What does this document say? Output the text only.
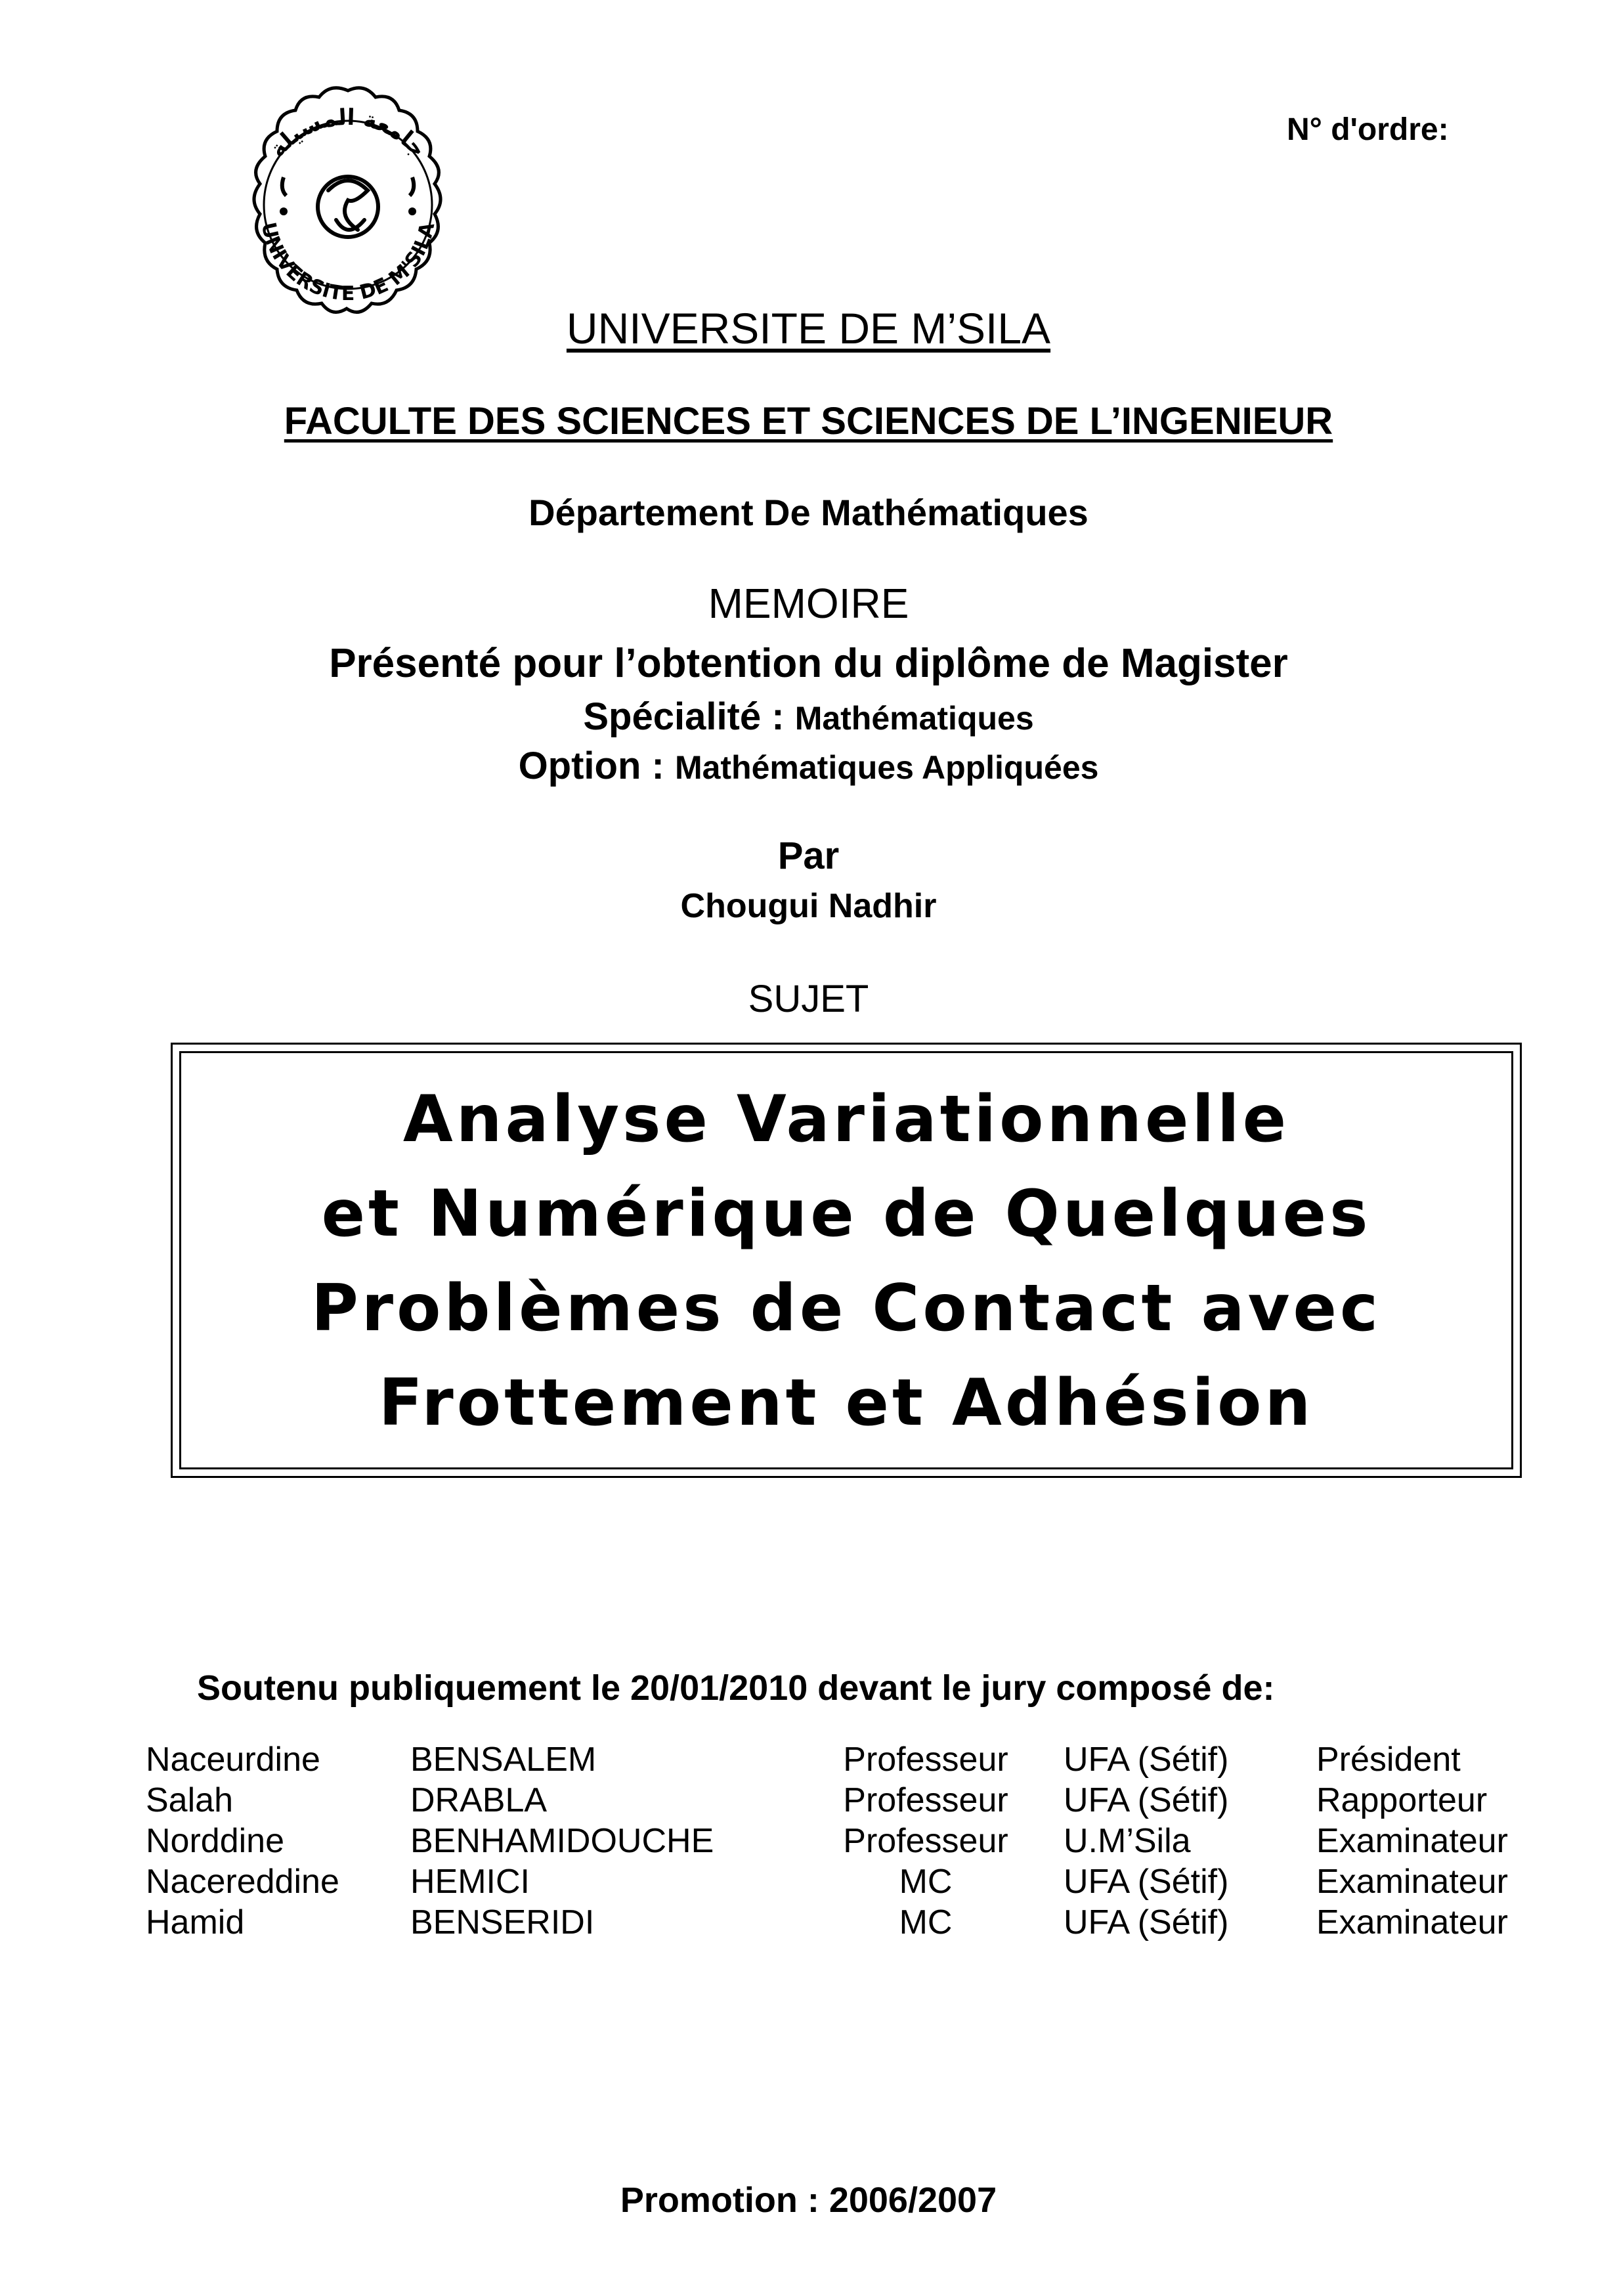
N° d'ordre:
جامعة المسيلة
UNIVERSITE DE M'SILA
UNIVERSITE DE M’SILA
FACULTE DES SCIENCES ET SCIENCES DE L’INGENIEUR
Département De Mathématiques
MEMOIRE
Présenté pour l’obtention du diplôme de Magister
Spécialité : Mathématiques
Option : Mathématiques Appliquées
Par
Chougui Nadhir
SUJET
Analyse Variationnelle
et Numérique de Quelques
Problèmes de Contact avec
Frottement et Adhésion
Soutenu publiquement le 20/01/2010 devant le jury composé de:
Naceurdine	BENSALEM	Professeur	UFA (Sétif)	Président
Salah	DRABLA	Professeur	UFA (Sétif)	Rapporteur
Norddine	BENHAMIDOUCHE	Professeur	U.M’Sila	Examinateur
Nacereddine HEMICI	MC	UFA (Sétif)	Examinateur
Hamid	BENSERIDI	MC	UFA (Sétif)	Examinateur
Promotion : 2006/2007
